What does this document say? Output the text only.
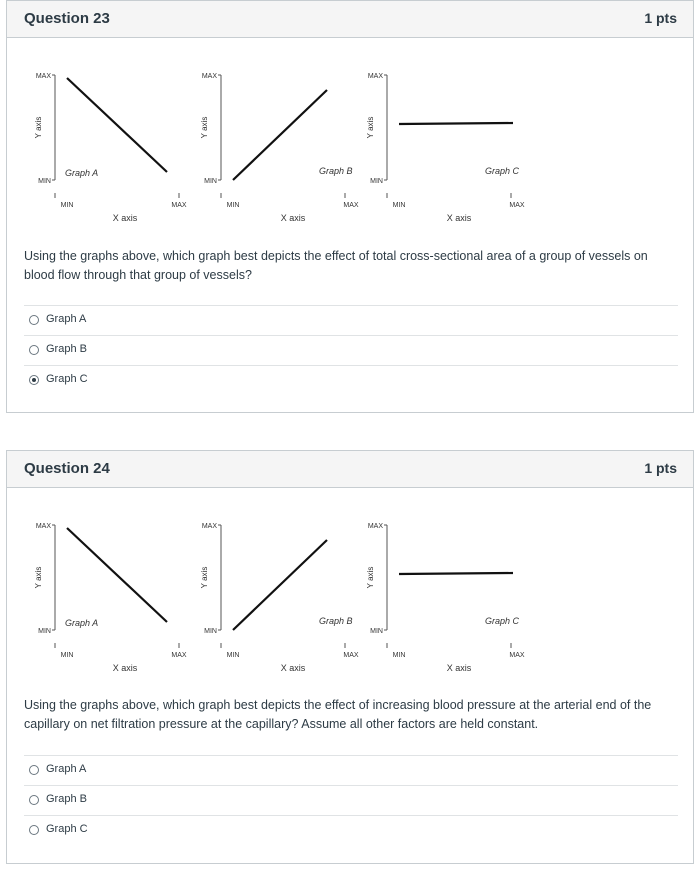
Question 23	1 pts
MAX
MIN
MIN	MAX
X axis
Y axis
Graph A
MAX
MIN
MIN	MAX
X axis
Y axis
Graph B
MAX
MIN
MIN	MAX
X axis
Y axis
Graph C
Using the graphs above, which graph best depicts the effect of total cross-sectional area of a group of vessels on blood flow through that group of vessels?
Graph A
Graph B
Graph C
Question 24	1 pts
MAX
MIN
MIN	MAX
X axis
Y axis
Graph A
MAX
MIN
MIN	MAX
X axis
Y axis
Graph B
MAX
MIN
MIN	MAX
X axis
Y axis
Graph C
Using the graphs above, which graph best depicts the effect of increasing blood pressure at the arterial end of the capillary on net filtration pressure at the capillary? Assume all other factors are held constant.
Graph A
Graph B
Graph C
